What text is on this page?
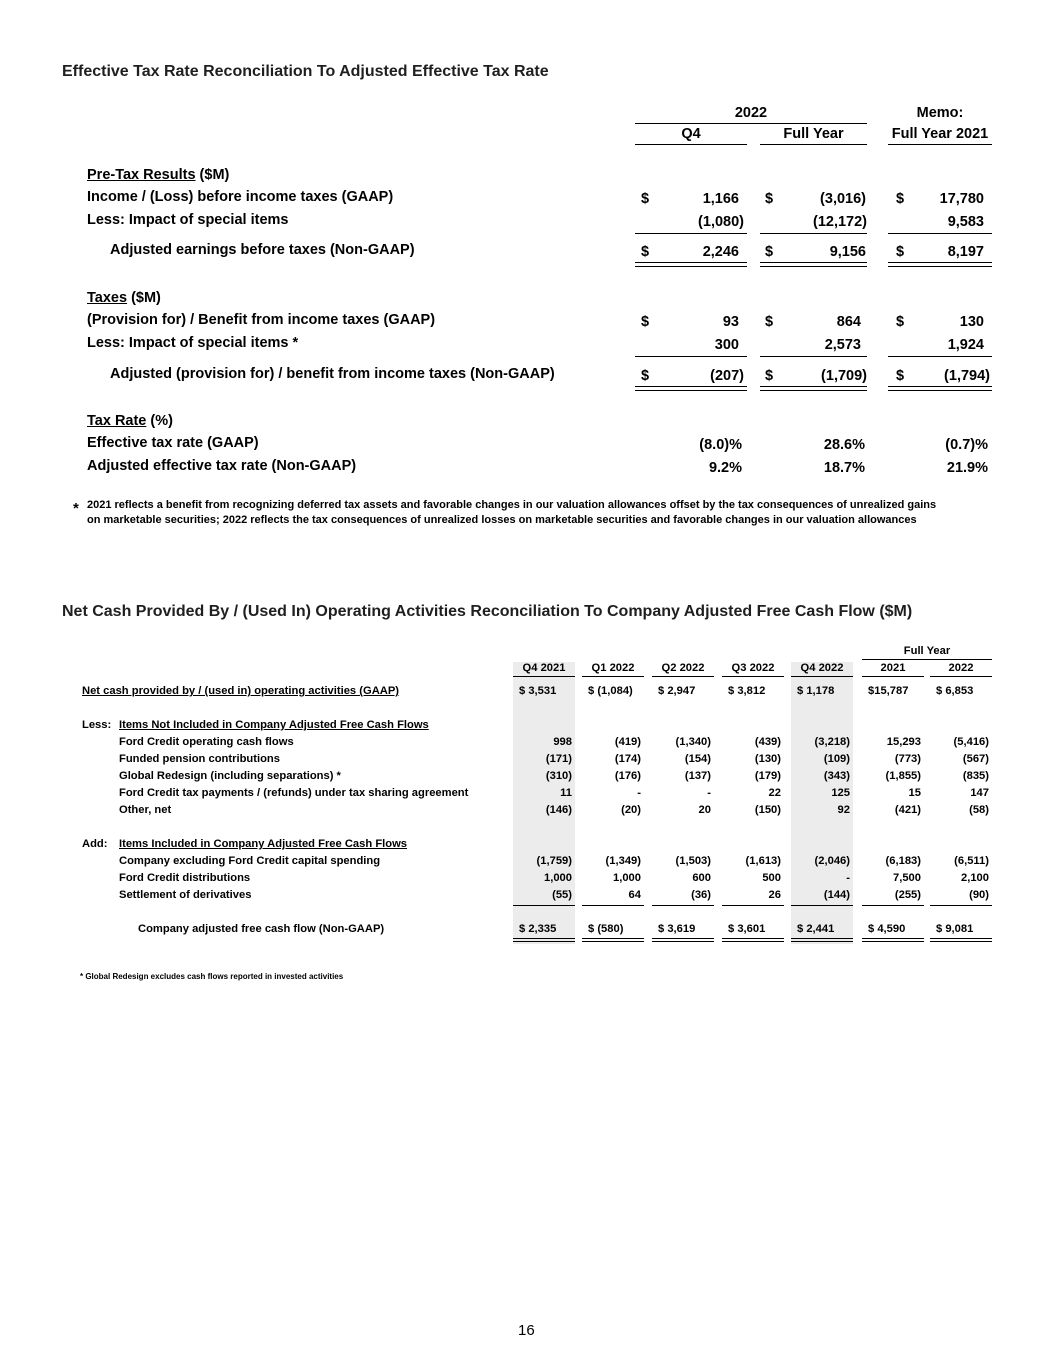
Effective Tax Rate Reconciliation To Adjusted Effective Tax Rate
2022	Memo:
Q4	Full Year	Full Year 2021
Pre-Tax Results ($M)
Income / (Loss) before income taxes (GAAP)	$	1,166 $	(3,016) $	17,780
Less: Impact of special items	(1,080)	(12,172)	9,583
Adjusted earnings before taxes (Non-GAAP)	$	2,246 $	9,156 $	8,197
Taxes ($M)
(Provision for) / Benefit from income taxes (GAAP)	$	93 $	864 $	130
Less: Impact of special items *	300	2,573	1,924
Adjusted (provision for) / benefit from income taxes (Non-GAAP)	$	(207) $	(1,709) $	(1,794)
Tax Rate (%)
Effective tax rate (GAAP)	(8.0)%	28.6%	(0.7)%
Adjusted effective tax rate (Non-GAAP)	9.2%	18.7%	21.9%
* 2021 reflects a benefit from recognizing deferred tax assets and favorable changes in our valuation allowances offset by the tax consequences of unrealized gains
on marketable securities; 2022 reflects the tax consequences of unrealized losses on marketable securities and favorable changes in our valuation allowances
Net Cash Provided By / (Used In) Operating Activities Reconciliation To Company Adjusted Free Cash Flow ($M)
Full Year
Q4 2021	Q1 2022	Q2 2022	Q3 2022	Q4 2022	2021	2022
Net cash provided by / (used in) operating activities (GAAP)	$ 3,531	$ (1,084)	$ 2,947	$ 3,812	$ 1,178	$15,787	$ 6,853
Less: Items Not Included in Company Adjusted Free Cash Flows
Ford Credit operating cash flows	998	(419)	(1,340)	(439)	(3,218)	15,293	(5,416)
Funded pension contributions	(171)	(174)	(154)	(130)	(109)	(773)	(567)
Global Redesign (including separations) *	(310)	(176)	(137)	(179)	(343)	(1,855)	(835)
Ford Credit tax payments / (refunds) under tax sharing agreement	11	-	-	22	125	15	147
Other, net	(146)	(20)	20	(150)	92	(421)	(58)
Add: Items Included in Company Adjusted Free Cash Flows
Company excluding Ford Credit capital spending	(1,759)	(1,349)	(1,503)	(1,613)	(2,046)	(6,183)	(6,511)
Ford Credit distributions	1,000	1,000	600	500	-	7,500	2,100
Settlement of derivatives	(55)	64	(36)	26	(144)	(255)	(90)
Company adjusted free cash flow (Non-GAAP)	$ 2,335	$ (580)	$ 3,619	$ 3,601	$ 2,441	$ 4,590	$ 9,081
* Global Redesign excludes cash flows reported in invested activities
16
